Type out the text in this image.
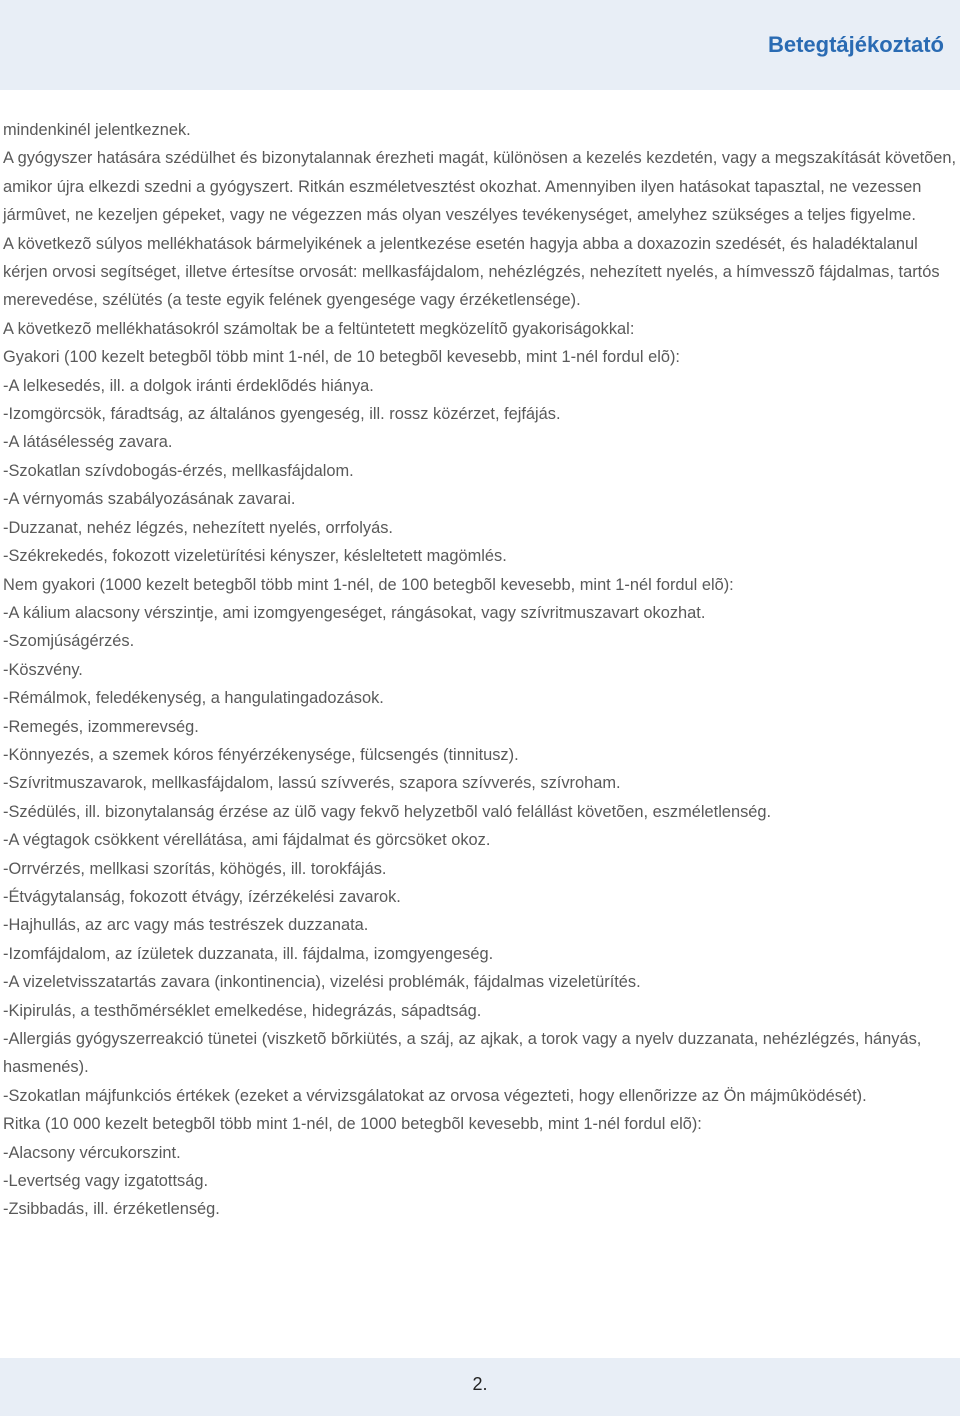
Betegtájékoztató

mindenkinél jelentkeznek.

A gyógyszer hatására szédülhet és bizonytalannak érezheti magát, különösen a kezelés kezdetén, vagy a megszakítását követõen, amikor újra elkezdi szedni a gyógyszert. Ritkán eszméletvesztést okozhat. Amennyiben ilyen hatásokat tapasztal, ne vezessen jármûvet, ne kezeljen gépeket, vagy ne végezzen más olyan veszélyes tevékenységet, amelyhez szükséges a teljes figyelme.

A következõ súlyos mellékhatások bármelyikének a jelentkezése esetén hagyja abba a doxazozin szedését, és haladéktalanul kérjen orvosi segítséget, illetve értesítse orvosát: mellkasfájdalom, nehézlégzés, nehezített nyelés, a hímvesszõ fájdalmas, tartós merevedése, szélütés (a teste egyik felének gyengesége vagy érzéketlensége).

A következõ mellékhatásokról számoltak be a feltüntetett megközelítõ gyakoriságokkal:

Gyakori (100 kezelt betegbõl több mint 1-nél, de 10 betegbõl kevesebb, mint 1-nél fordul elõ):

-A lelkesedés, ill. a dolgok iránti érdeklõdés hiánya.

-Izomgörcsök, fáradtság, az általános gyengeség, ill. rossz közérzet, fejfájás.

-A látásélesség zavara.

-Szokatlan szívdobogás-érzés, mellkasfájdalom.

-A vérnyomás szabályozásának zavarai.

-Duzzanat, nehéz légzés, nehezített nyelés, orrfolyás.

-Székrekedés, fokozott vizeletürítési kényszer, késleltetett magömlés.

Nem gyakori (1000 kezelt betegbõl több mint 1-nél, de 100 betegbõl kevesebb, mint 1-nél fordul elõ):

-A kálium alacsony vérszintje, ami izomgyengeséget, rángásokat, vagy szívritmuszavart okozhat.

-Szomjúságérzés.

-Köszvény.

-Rémálmok, feledékenység, a hangulatingadozások.

-Remegés, izommerevség.

-Könnyezés, a szemek kóros fényérzékenysége, fülcsengés (tinnitusz).

-Szívritmuszavarok, mellkasfájdalom, lassú szívverés, szapora szívverés, szívroham.

-Szédülés, ill. bizonytalanság érzése az ülõ vagy fekvõ helyzetbõl való felállást követõen, eszméletlenség.

-A végtagok csökkent vérellátása, ami fájdalmat és görcsöket okoz.

-Orrvérzés, mellkasi szorítás, köhögés, ill. torokfájás.

-Étvágytalanság, fokozott étvágy, ízérzékelési zavarok.

-Hajhullás, az arc vagy más testrészek duzzanata.

-Izomfájdalom, az ízületek duzzanata, ill. fájdalma, izomgyengeség.

-A vizeletvisszatartás zavara (inkontinencia), vizelési problémák, fájdalmas vizeletürítés.

-Kipirulás, a testhõmérséklet emelkedése, hidegrázás, sápadtság.

-Allergiás gyógyszerreakció tünetei (viszketõ bõrkiütés, a száj, az ajkak, a torok vagy a nyelv duzzanata, nehézlégzés, hányás, hasmenés).

-Szokatlan májfunkciós értékek (ezeket a vérvizsgálatokat az orvosa végezteti, hogy ellenõrizze az Ön májmûködését).

Ritka (10 000 kezelt betegbõl több mint 1-nél, de 1000 betegbõl kevesebb, mint 1-nél fordul elõ):

-Alacsony vércukorszint.

-Levertség vagy izgatottság.

-Zsibbadás, ill. érzéketlenség.

2.
